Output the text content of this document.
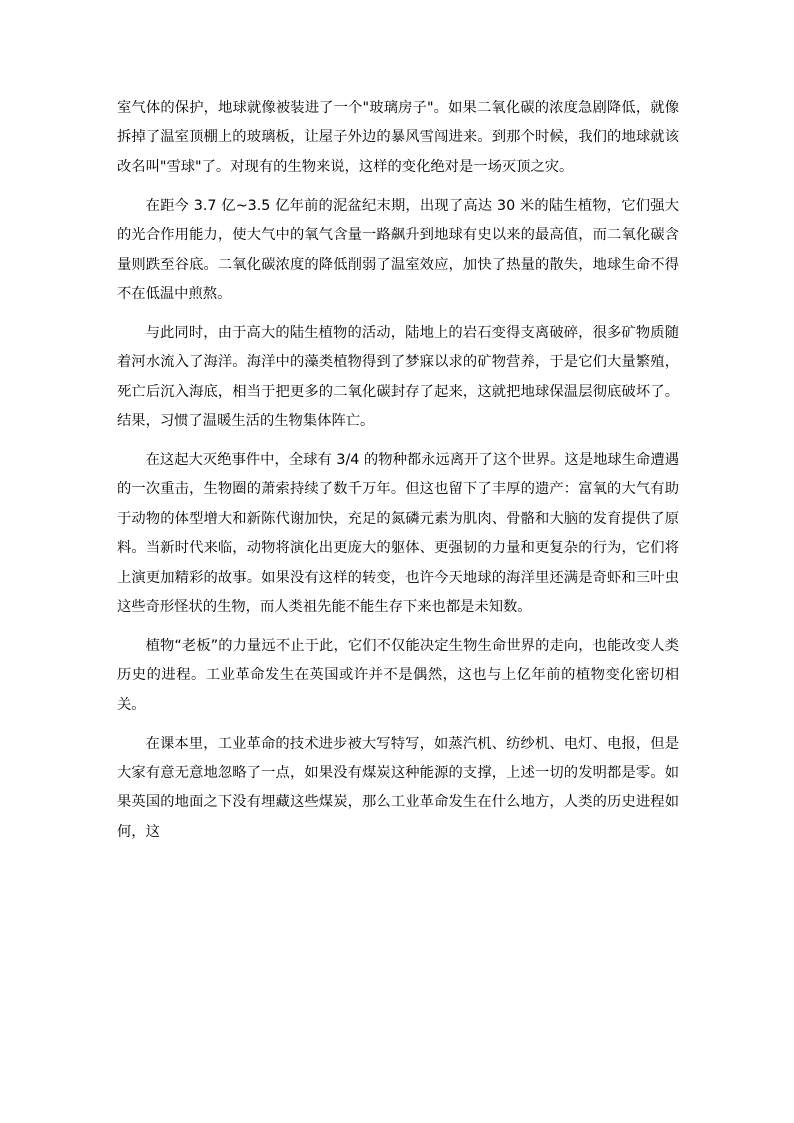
室气体的保护，地球就像被装进了一个"玻璃房子"。如果二氧化碳的浓度急剧降低，就像拆掉了温室顶棚上的玻璃板，让屋子外边的暴风雪闯进来。到那个时候，我们的地球就该改名叫"雪球"了。对现有的生物来说，这样的变化绝对是一场灭顶之灾。

在距今 3.7 亿~3.5 亿年前的泥盆纪末期，出现了高达 30 米的陆生植物，它们强大的光合作用能力，使大气中的氧气含量一路飙升到地球有史以来的最高值，而二氧化碳含量则跌至谷底。二氧化碳浓度的降低削弱了温室效应，加快了热量的散失，地球生命不得不在低温中煎熬。

与此同时，由于高大的陆生植物的活动，陆地上的岩石变得支离破碎，很多矿物质随着河水流入了海洋。海洋中的藻类植物得到了梦寐以求的矿物营养，于是它们大量繁殖，死亡后沉入海底，相当于把更多的二氧化碳封存了起来，这就把地球保温层彻底破坏了。结果，习惯了温暖生活的生物集体阵亡。

在这起大灭绝事件中，全球有 3/4 的物种都永远离开了这个世界。这是地球生命遭遇的一次重击，生物圈的萧索持续了数千万年。但这也留下了丰厚的遗产：富氧的大气有助于动物的体型增大和新陈代谢加快，充足的氮磷元素为肌肉、骨骼和大脑的发育提供了原料。当新时代来临，动物将演化出更庞大的躯体、更强韧的力量和更复杂的行为，它们将上演更加精彩的故事。如果没有这样的转变，也许今天地球的海洋里还满是奇虾和三叶虫这些奇形怪状的生物，而人类祖先能不能生存下来也都是未知数。

植物“老板”的力量远不止于此，它们不仅能决定生物生命世界的走向，也能改变人类历史的进程。工业革命发生在英国或许并不是偶然，这也与上亿年前的植物变化密切相关。

在课本里，工业革命的技术进步被大写特写，如蒸汽机、纺纱机、电灯、电报，但是大家有意无意地忽略了一点，如果没有煤炭这种能源的支撑，上述一切的发明都是零。如果英国的地面之下没有埋藏这些煤炭，那么工业革命发生在什么地方，人类的历史进程如何，这
